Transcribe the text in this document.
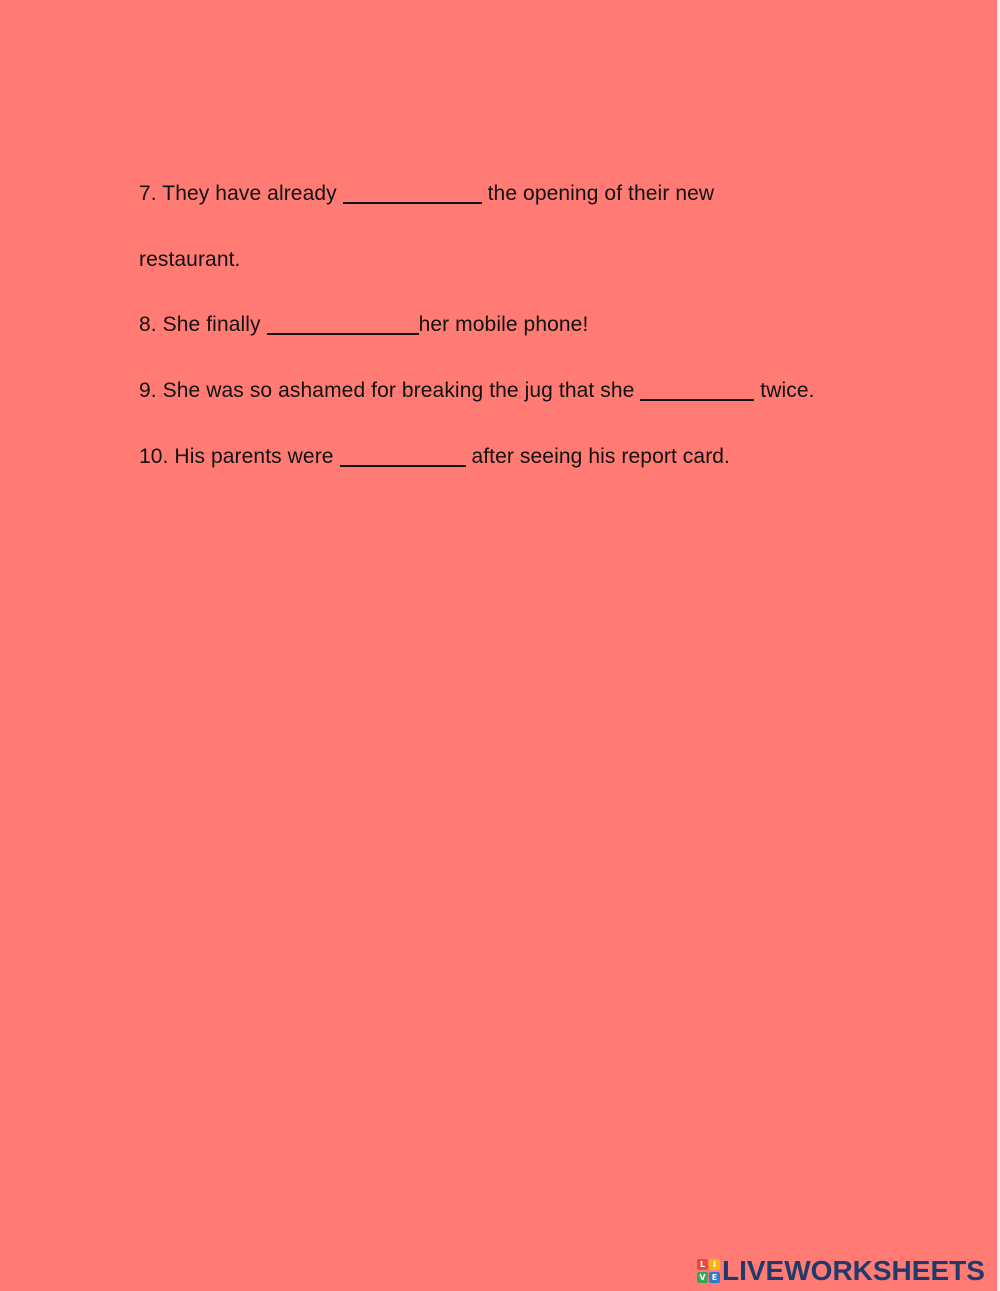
7. They have already	the opening of their new

restaurant.

8. She finally	her mobile phone!

9. She was so ashamed for breaking the jug that she	twice.

10. His parents were	after seeing his report card.

L I
V E LIVEWORKSHEETS
